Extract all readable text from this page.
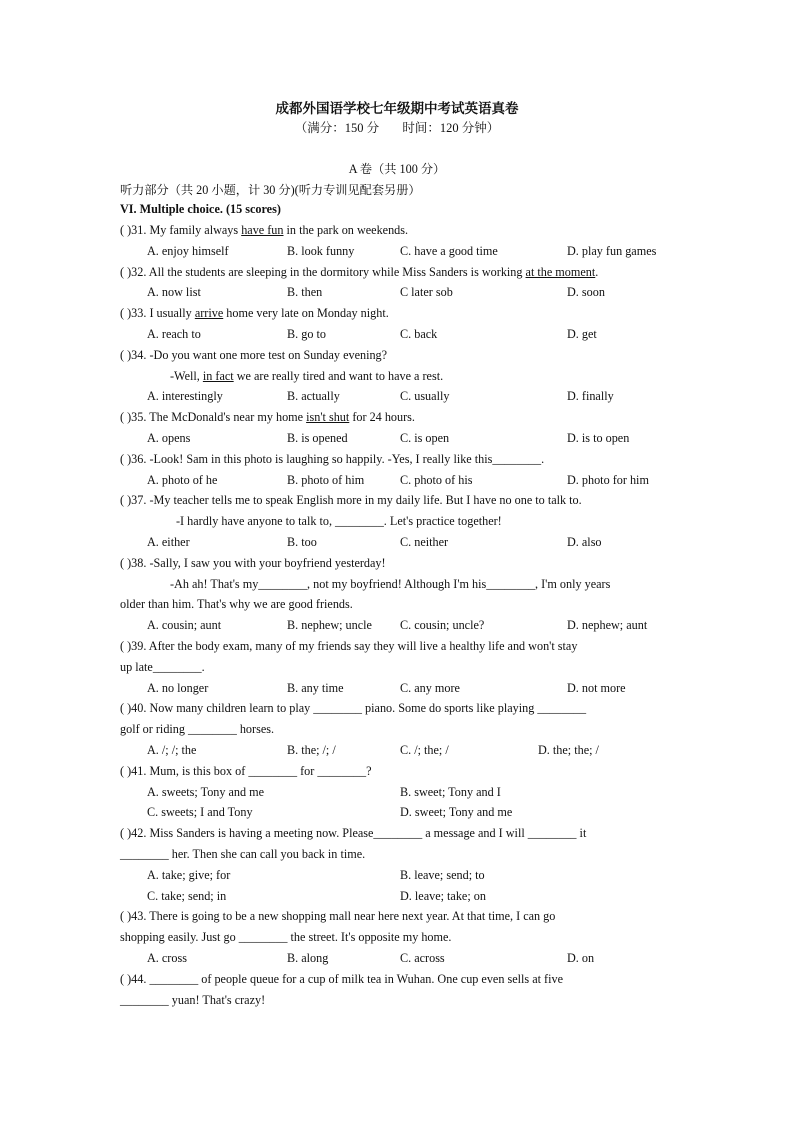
成都外国语学校七年级期中考试英语真卷
（满分：150 分 时间：120 分钟）
A 卷（共 100 分）
听力部分（共 20 小题，计 30 分)(听力专训见配套另册）
VI. Multiple choice. (15 scores)
( )31. My family always have fun in the park on weekends.
A. enjoy himself	B. look funny	C. have a good time	D. play fun games
( )32. All the students are sleeping in the dormitory while Miss Sanders is working at the moment.
A. now list	B. then	C later sob	D. soon
( )33. I usually arrive home very late on Monday night.
A. reach to	B. go to	C. back	D. get
( )34. -Do you want one more test on Sunday evening?
-Well, in fact we are really tired and want to have a rest.
A. interestingly	B. actually	C. usually	D. finally
( )35. The McDonald's near my home isn't shut for 24 hours.
A. opens	B. is opened	C. is open	D. is to open
( )36. -Look! Sam in this photo is laughing so happily. -Yes, I really like this________.
A. photo of he	B. photo of him	C. photo of his	D. photo for him
( )37. -My teacher tells me to speak English more in my daily life. But I have no one to talk to.
-I hardly have anyone to talk to, ________. Let's practice together!
A. either	B. too	C. neither	D. also
( )38. -Sally, I saw you with your boyfriend yesterday!
-Ah ah! That's my________, not my boyfriend! Although I'm his________, I'm only years
older than him. That's why we are good friends.
A. cousin; aunt	B. nephew; uncle C. cousin; uncle?	D. nephew; aunt
( )39. After the body exam, many of my friends say they will live a healthy life and won't stay
up late________.
A. no longer	B. any time	C. any more	D. not more
( )40. Now many children learn to play ________ piano. Some do sports like playing ________
golf or riding ________ horses.
A. /; /; the	B. the; /; /	C. /; the; /	D. the; the; /
( )41. Mum, is this box of ________ for ________?
A. sweets; Tony and me	B. sweet; Tony and I
C. sweets; I and Tony	D. sweet; Tony and me
( )42. Miss Sanders is having a meeting now. Please________ a message and I will ________ it
________ her. Then she can call you back in time.
A. take; give; for	B. leave; send; to
C. take; send; in	D. leave; take; on
( )43. There is going to be a new shopping mall near here next year. At that time, I can go
shopping easily. Just go ________ the street. It's opposite my home.
A. cross	B. along	C. across	D. on
( )44. ________ of people queue for a cup of milk tea in Wuhan. One cup even sells at five
________ yuan! That's crazy!
